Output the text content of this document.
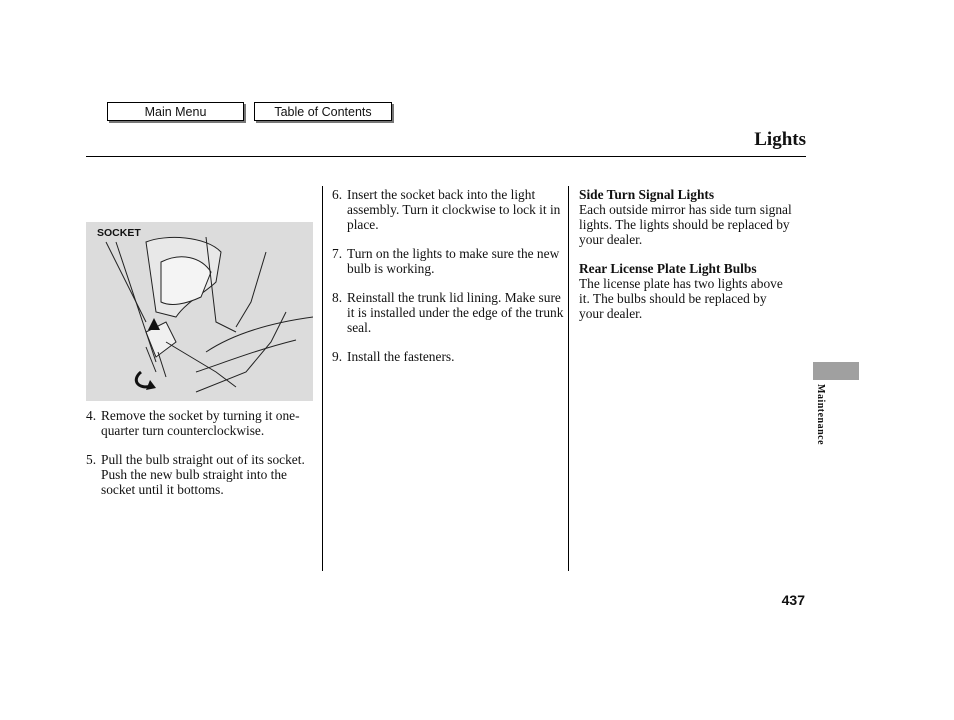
Main Menu	Table of Contents
Lights
SOCKET
4. Remove the socket by turning it one-quarter turn counterclockwise.
5. Pull the bulb straight out of its socket. Push the new bulb straight into the socket until it bottoms.
6. Insert the socket back into the light assembly. Turn it clockwise to lock it in place.
7. Turn on the lights to make sure the new bulb is working.
8. Reinstall the trunk lid lining. Make sure it is installed under the edge of the trunk seal.
9. Install the fasteners.
Side Turn Signal Lights
Each outside mirror has side turn signal lights. The lights should be replaced by your dealer.
Rear License Plate Light Bulbs
The license plate has two lights above it. The bulbs should be replaced by your dealer.
Maintenance
437
